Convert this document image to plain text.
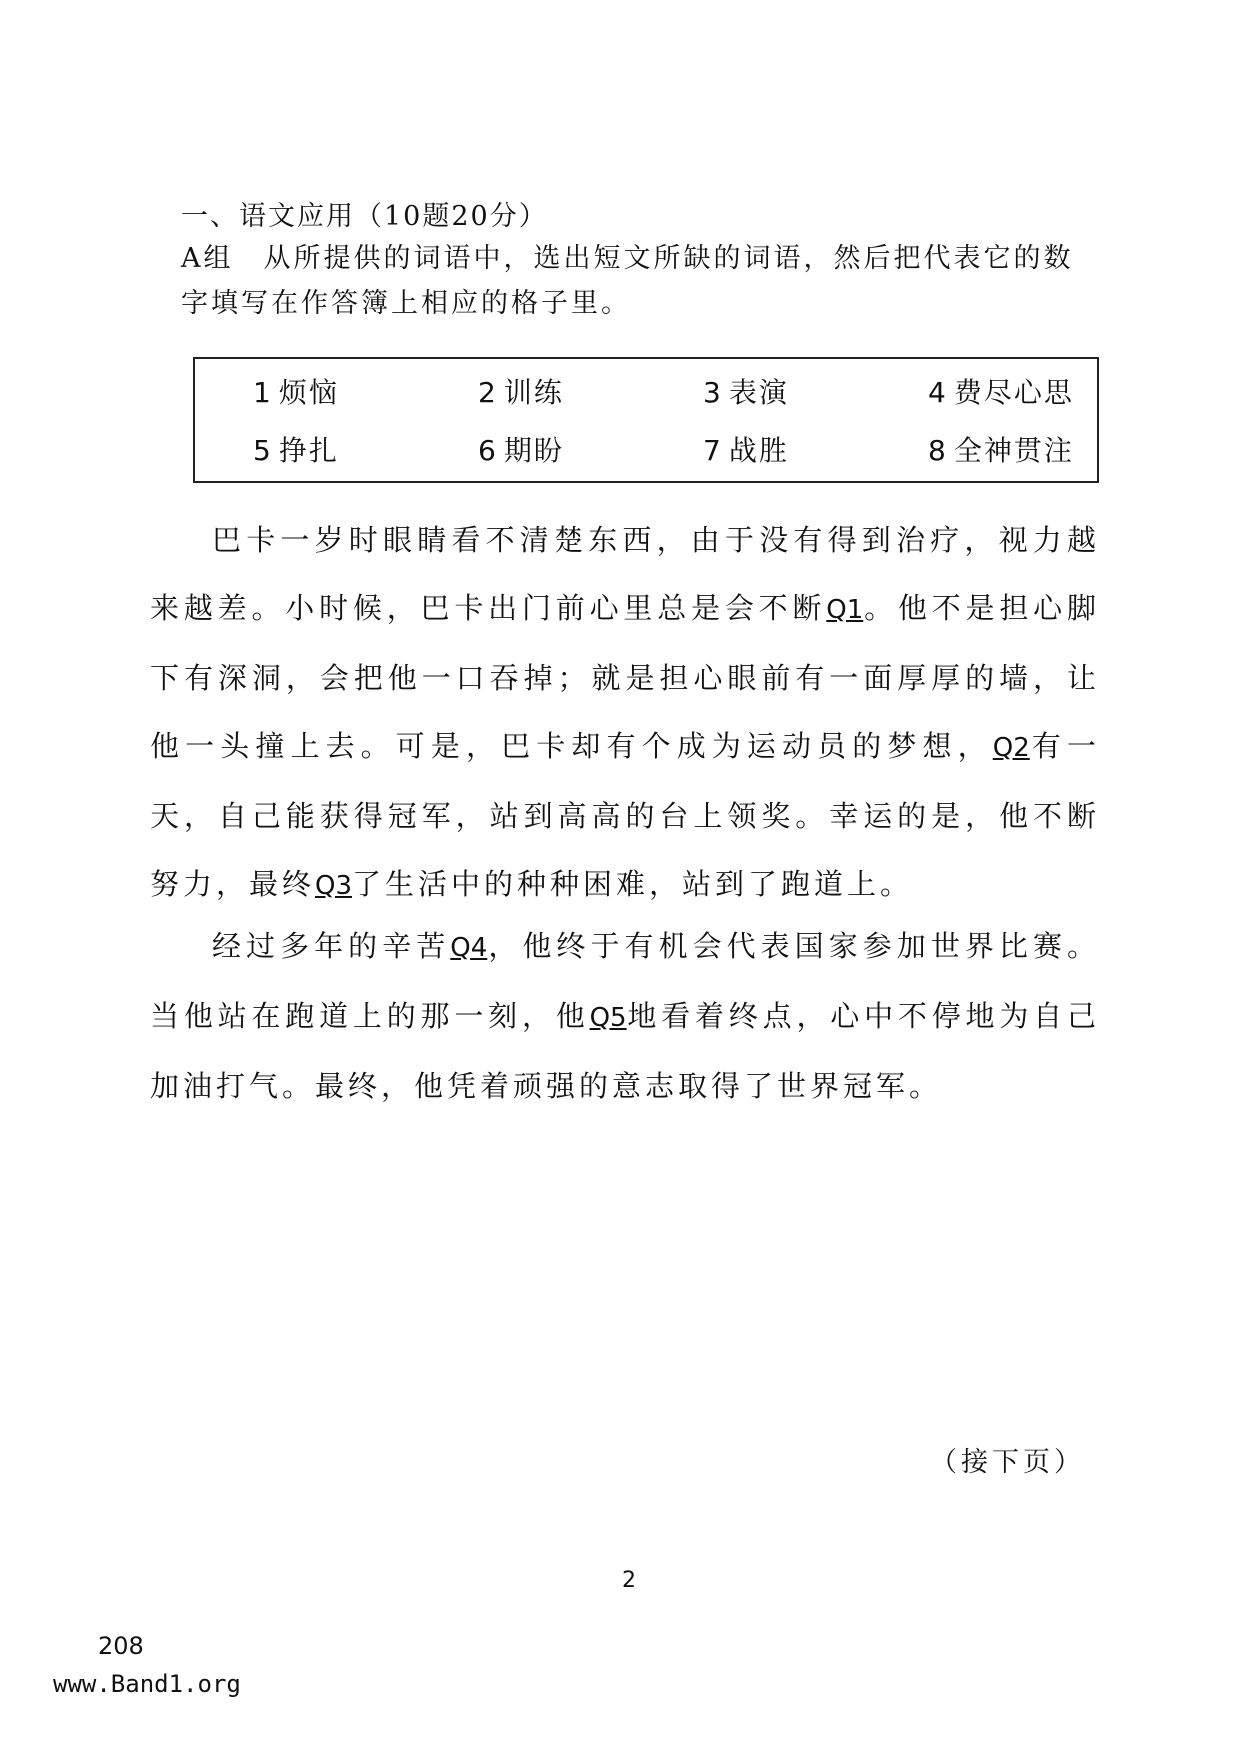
一、语文应用（10题20分）
A组　从所提供的词语中，选出短文所缺的词语，然后把代表它的数字填写在作答簿上相应的格子里。
1 烦恼	2 训练	3 表演	4 费尽心思
5 挣扎	6 期盼	7 战胜	8 全神贯注

巴卡一岁时眼睛看不清楚东西，由于没有得到治疗，视力越来越差。小时候，巴卡出门前心里总是会不断Q1。他不是担心脚下有深洞，会把他一口吞掉；就是担心眼前有一面厚厚的墙，让他一头撞上去。可是，巴卡却有个成为运动员的梦想，Q2有一天，自己能获得冠军，站到高高的台上领奖。幸运的是，他不断努力，最终Q3了生活中的种种困难，站到了跑道上。

经过多年的辛苦Q4，他终于有机会代表国家参加世界比赛。当他站在跑道上的那一刻，他Q5地看着终点，心中不停地为自己加油打气。最终，他凭着顽强的意志取得了世界冠军。

（接下页）
2
208
www.Band1.org
